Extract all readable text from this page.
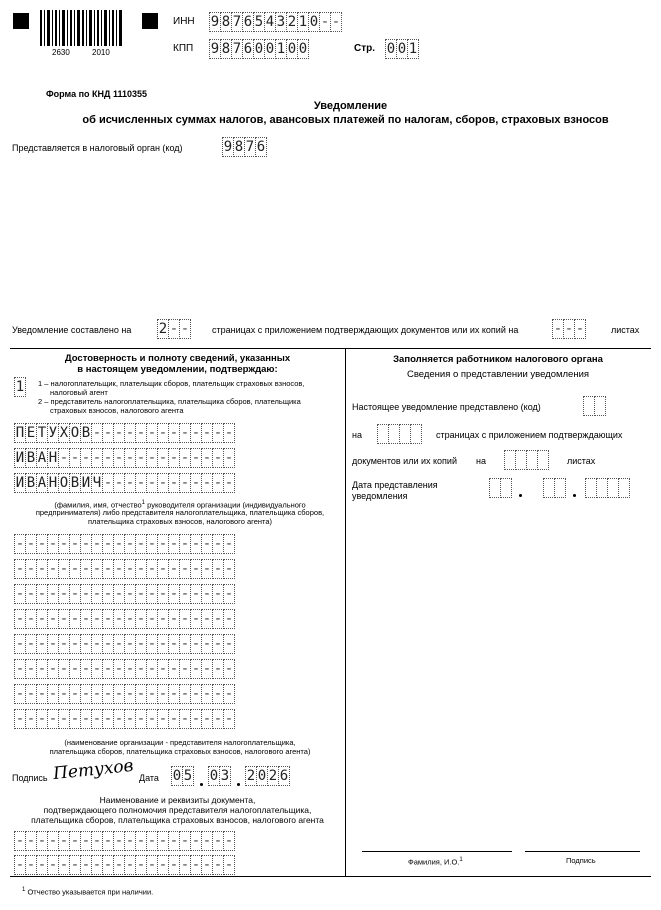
2630	2010
ИНН 9 8 7 6 5 4 3 2 1 0 - -
КПП 9 8 7 6 0 0 1 0 0	Стр. 0 0 1
Форма по КНД 1110355
Уведомление
об исчисленных суммах налогов, авансовых платежей по налогам, сборов, страховых взносов
Представляется в налоговый орган (код)	9 8 7 6
Уведомление составлено на 2 - -	страницах с приложением подтверждающих документов или их копий на	- - -	листах
Достоверность и полноту сведений, указанных
в настоящем уведомлении, подтверждаю:
1 1 – налогоплательщик, плательщик сборов, плательщик страховых взносов,
налоговый агент
2 – представитель налогоплательщика, плательщика сборов, плательщика
страховых взносов, налогового агента
П Е Т У Х О В - - - - - - - - - - - - -
И В А Н - - - - - - - - - - - - - - - -
И В А Н О В И Ч - - - - - - - - - - - -
(фамилия, имя, отчество$^1$ руководителя организации (индивидуального
предпринимателя) либо представителя налогоплательщика, плательщика сборов,
плательщика страховых взносов, налогового агента)
- - - - - - - - - - - - - - - - - - - -
- - - - - - - - - - - - - - - - - - - -
- - - - - - - - - - - - - - - - - - - -
- - - - - - - - - - - - - - - - - - - -
- - - - - - - - - - - - - - - - - - - -
- - - - - - - - - - - - - - - - - - - -
- - - - - - - - - - - - - - - - - - - -
- - - - - - - - - - - - - - - - - - - -
(наименование организации - представителя налогоплательщика,
плательщика сборов, плательщика страховых взносов, налогового агента)
Подпись Петухов Дата 0 5 0 3 2 0 2 6
Наименование и реквизиты документа,
подтверждающего полномочия представителя налогоплательщика,
плательщика сборов, плательщика страховых взносов, налогового агента
- - - - - - - - - - - - - - - - - - - -
- - - - - - - - - - - - - - - - - - - -
Заполняется работником налогового органа
Сведения о представлении уведомления
Настоящее уведомление представлено (код)
на	страницах с приложением подтверждающих
документов или их копий на	листах
Дата представления
уведомления
Фамилия, И.О.$^1$	Подпись
$^1$ Отчество указывается при наличии.
